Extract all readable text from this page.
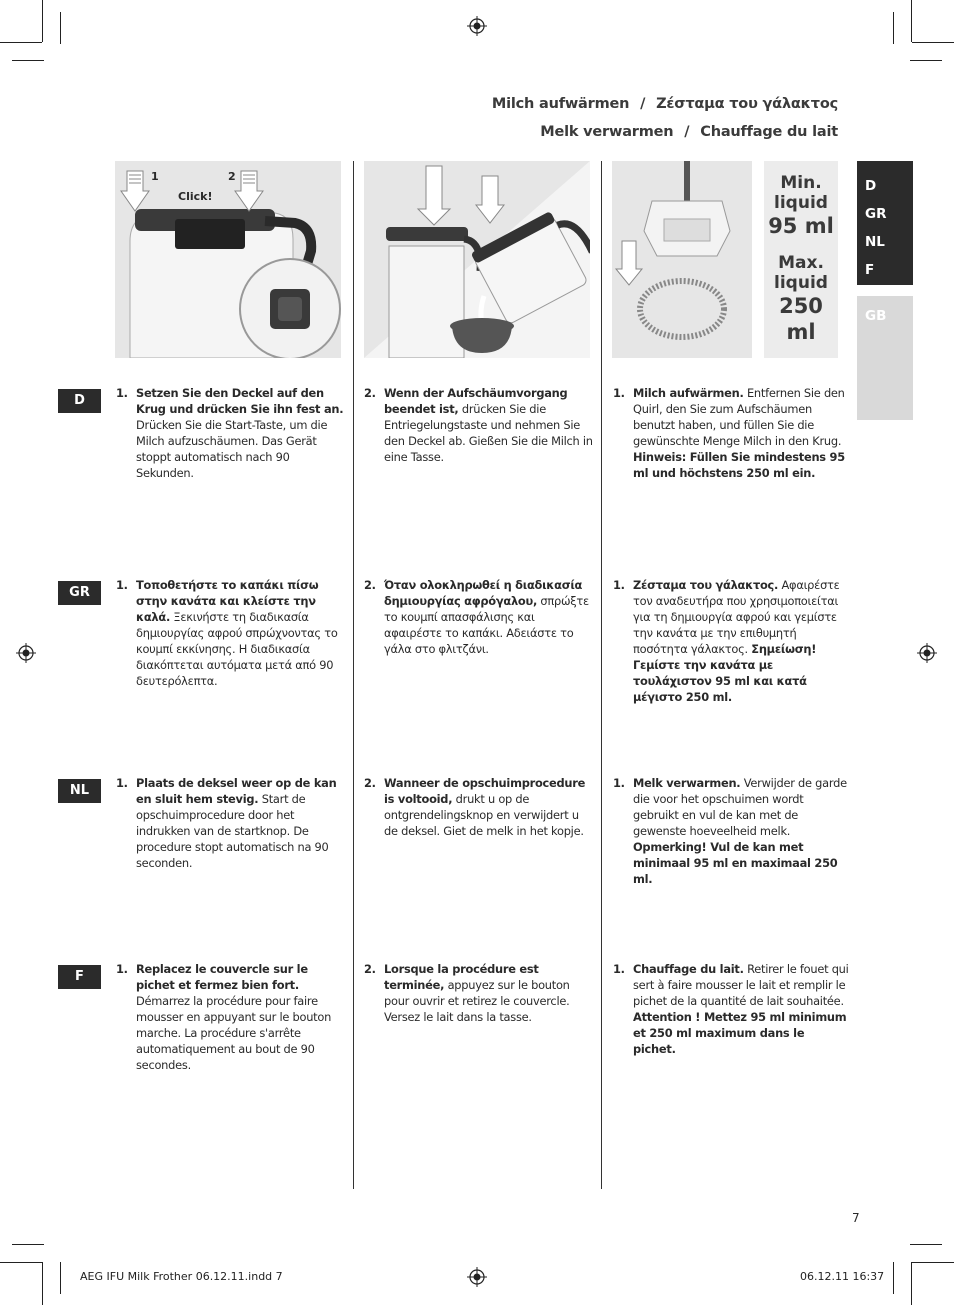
Milch aufwärmen / Ζέσταμα του γάλακτος
Melk verwarmen / Chauffage du lait
1	2
Click!
Min. liquid
95 ml
Max. liquid
250 ml
D
GR
NL
F
GB
D	1. Setzen Sie den Deckel auf den Krug und drücken Sie ihn fest an. Drücken Sie die Start-Taste, um die Milch aufzuschäumen. Das Gerät stoppt automatisch nach 90 Sekunden.
2. Wenn der Aufschäumvorgang beendet ist, drücken Sie die Entriegelungstaste und nehmen Sie den Deckel ab. Gießen Sie die Milch in eine Tasse.
1. Milch aufwärmen. Entfernen Sie den Quirl, den Sie zum Aufschäumen benutzt haben, und füllen Sie die gewünschte Menge Milch in den Krug. Hinweis: Füllen Sie mindestens 95 ml und höchstens 250 ml ein.
GR	1. Τοποθετήστε το καπάκι πίσω στην κανάτα και κλείστε την καλά. Ξεκινήστε τη διαδικασία δημιουργίας αφρού σπρώχνοντας το κουμπί εκκίνησης. Η διαδικασία διακόπτεται αυτόματα μετά από 90 δευτερόλεπτα.
2. Όταν ολοκληρωθεί η διαδικασία δημιουργίας αφρόγαλου, σπρώξτε το κουμπί απασφάλισης και αφαιρέστε το καπάκι. Αδειάστε το γάλα στο φλιτζάνι.
1. Ζέσταμα του γάλακτος. Αφαιρέστε τον αναδευτήρα που χρησιμοποιείται για τη δημιουργία αφρού και γεμίστε την κανάτα με την επιθυμητή ποσότητα γάλακτος. Σημείωση! Γεμίστε την κανάτα με τουλάχιστον 95 ml και κατά μέγιστο 250 ml.
NL	1. Plaats de deksel weer op de kan en sluit hem stevig. Start de opschuimprocedure door het indrukken van de startknop. De procedure stopt automatisch na 90 seconden.
2. Wanneer de opschuimprocedure is voltooid, drukt u op de ontgrendelingsknop en verwijdert u de deksel. Giet de melk in het kopje.
1. Melk verwarmen. Verwijder de garde die voor het opschuimen wordt gebruikt en vul de kan met de gewenste hoeveelheid melk. Opmerking! Vul de kan met minimaal 95 ml en maximaal 250 ml.
F	1. Replacez le couvercle sur le pichet et fermez bien fort. Démarrez la procédure pour faire mousser en appuyant sur le bouton marche. La procédure s'arrête automatiquement au bout de 90 secondes.
2. Lorsque la procédure est terminée, appuyez sur le bouton pour ouvrir et retirez le couvercle. Versez le lait dans la tasse.
1. Chauffage du lait. Retirer le fouet qui sert à faire mousser le lait et remplir le pichet de la quantité de lait souhaitée. Attention ! Mettez 95 ml minimum et 250 ml maximum dans le pichet.
7
AEG IFU Milk Frother 06.12.11.indd 7	06.12.11 16:37
